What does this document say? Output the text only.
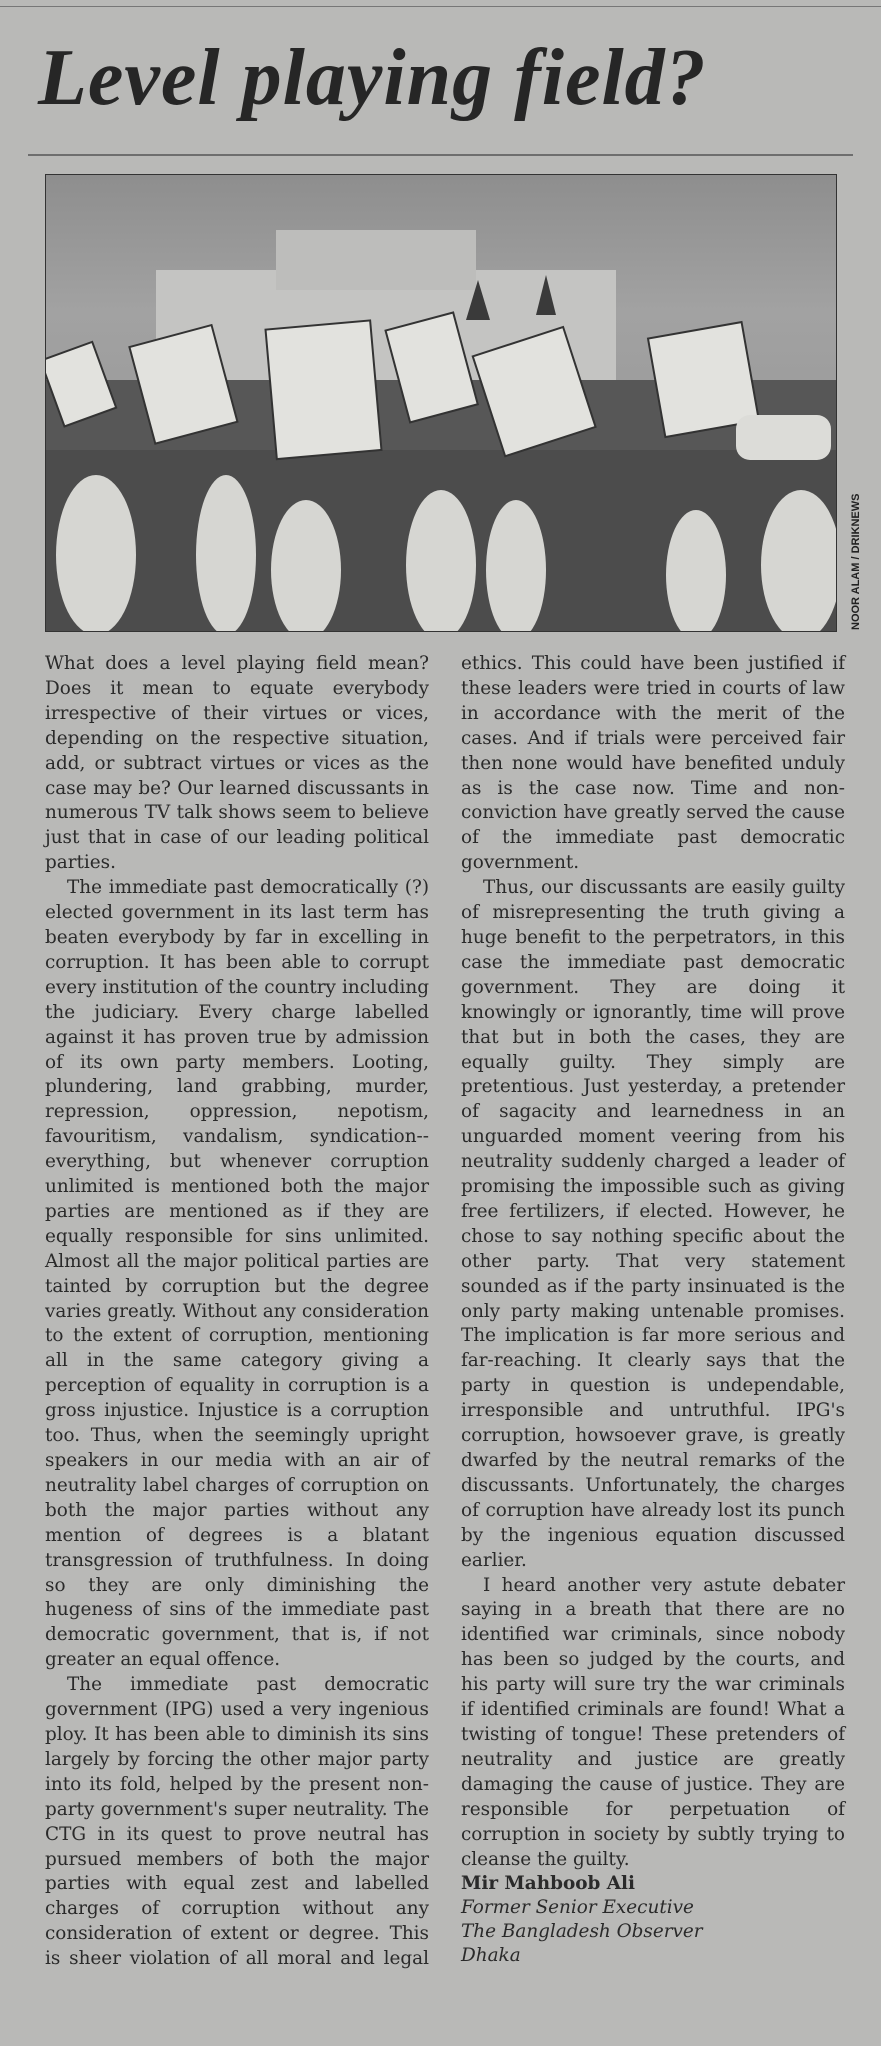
Level playing field?
NOOR ALAM / DRIKNEWS

What does a level playing field mean? Does it mean to equate everybody irrespective of their virtues or vices, depending on the respective situation, add, or subtract virtues or vices as the case may be? Our learned discussants in numerous TV talk shows seem to believe just that in case of our leading political parties.

The immediate past democratically (?) elected government in its last term has beaten everybody by far in excelling in corruption. It has been able to corrupt every institution of the country including the judiciary. Every charge labelled against it has proven true by admission of its own party members. Looting, plundering, land grabbing, murder, repression, oppression, nepotism, favouritism, vandalism, syndication-- everything, but whenever corruption unlimited is mentioned both the major parties are mentioned as if they are equally responsible for sins unlimited. Almost all the major political parties are tainted by corruption but the degree varies greatly. Without any consideration to the extent of corruption, mentioning all in the same category giving a perception of equality in corruption is a gross injustice. Injustice is a corruption too. Thus, when the seemingly upright speakers in our media with an air of neutrality label charges of corruption on both the major parties without any mention of degrees is a blatant transgression of truthfulness. In doing so they are only diminishing the hugeness of sins of the immediate past democratic government, that is, if not greater an equal offence.

The immediate past democratic government (IPG) used a very ingenious ploy. It has been able to diminish its sins largely by forcing the other major party into its fold, helped by the present non-party government's super neutrality. The CTG in its quest to prove neutral has pursued members of both the major parties with equal zest and labelled charges of corruption without any consideration of extent or degree. This is sheer violation of all moral and legal ethics. This could have been justified if these leaders were tried in courts of law in accordance with the merit of the cases. And if trials were perceived fair then none would have benefited unduly as is the case now. Time and non-conviction have greatly served the cause of the immediate past democratic government.

Thus, our discussants are easily guilty of misrepresenting the truth giving a huge benefit to the perpetrators, in this case the immediate past democratic government. They are doing it knowingly or ignorantly, time will prove that but in both the cases, they are equally guilty. They simply are pretentious. Just yesterday, a pretender of sagacity and learnedness in an unguarded moment veering from his neutrality suddenly charged a leader of promising the impossible such as giving free fertilizers, if elected. However, he chose to say nothing specific about the other party. That very statement sounded as if the party insinuated is the only party making untenable promises. The implication is far more serious and far-reaching. It clearly says that the party in question is undependable, irresponsible and untruthful. IPG's corruption, howsoever grave, is greatly dwarfed by the neutral remarks of the discussants. Unfortunately, the charges of corruption have already lost its punch by the ingenious equation discussed earlier.

I heard another very astute debater saying in a breath that there are no identified war criminals, since nobody has been so judged by the courts, and his party will sure try the war criminals if identified criminals are found! What a twisting of tongue! These pretenders of neutrality and justice are greatly damaging the cause of justice. They are responsible for perpetuation of corruption in society by subtly trying to cleanse the guilty.

Mir Mahboob Ali
Former Senior Executive
The Bangladesh Observer
Dhaka
